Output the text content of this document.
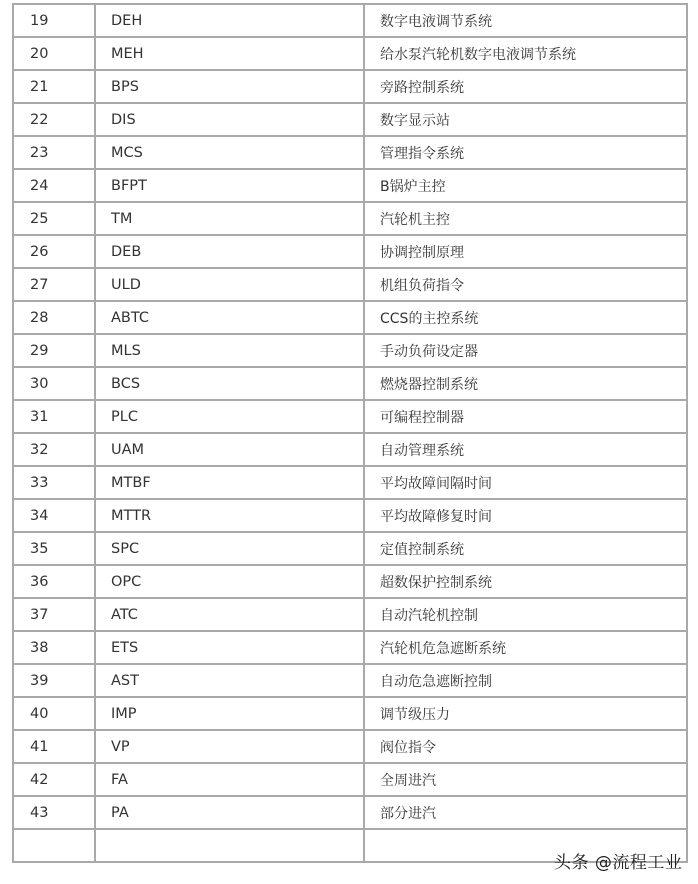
19	DEH	数字电液调节系统
20	MEH	给水泵汽轮机数字电液调节系统
21	BPS	旁路控制系统
22	DIS	数字显示站
23	MCS	管理指令系统
24	BFPT	B锅炉主控
25	TM	汽轮机主控
26	DEB	协调控制原理
27	ULD	机组负荷指令
28	ABTC	CCS的主控系统
29	MLS	手动负荷设定器
30	BCS	燃烧器控制系统
31	PLC	可编程控制器
32	UAM	自动管理系统
33	MTBF	平均故障间隔时间
34	MTTR	平均故障修复时间
35	SPC	定值控制系统
36	OPC	超数保护控制系统
37	ATC	自动汽轮机控制
38	ETS	汽轮机危急遮断系统
39	AST	自动危急遮断控制
40	IMP	调节级压力
41	VP	阀位指令
42	FA	全周进汽
43	PA	部分进汽

头条 @流程工业
